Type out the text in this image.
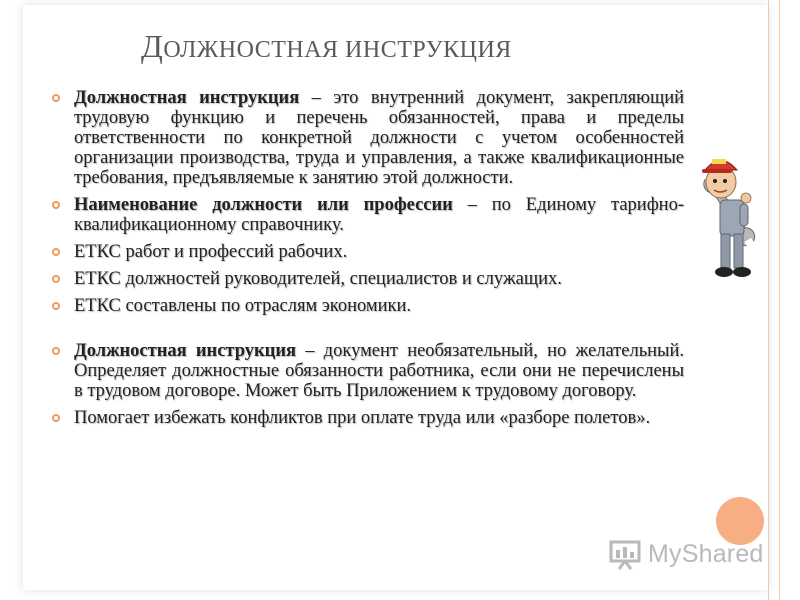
ДОЛЖНОСТНАЯ ИНСТРУКЦИЯ
Должностная инструкция – это внутренний документ, закрепляющий трудовую функцию и перечень обязанностей, права и пределы ответственности по конкретной должности с учетом особенностей организации производства, труда и управления, а также квалификационные требования, предъявляемые к занятию этой должности.
Наименование должности или профессии – по Единому тарифно-квалификационному справочнику.
ЕТКС работ и профессий рабочих.
ЕТКС должностей руководителей, специалистов и служащих.
ЕТКС составлены по отраслям экономики.
Должностная инструкция – документ необязательный, но желательный. Определяет должностные обязанности работника, если они не перечислены в трудовом договоре. Может быть Приложением к трудовому договору.
Помогает избежать конфликтов при оплате труда или «разборе полетов».
MyShared
